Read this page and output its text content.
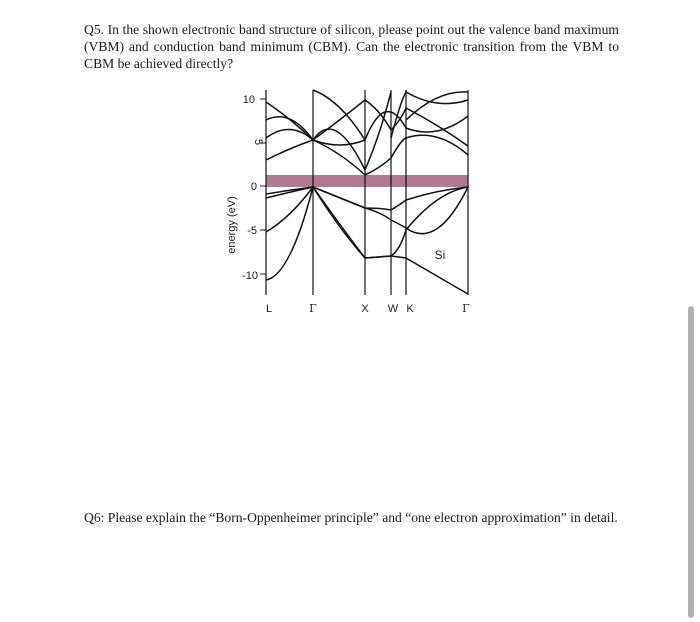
Q5. In the shown electronic band structure of silicon, please point out the valence band maximum (VBM) and conduction band minimum (CBM). Can the electronic transition from the VBM to CBM be achieved directly?

energy (eV)
10
5
0
-5
-10
Si
L	Γ	X W K	Γ

Q6: Please explain the “Born-Oppenheimer principle” and “one electron approximation” in detail.
